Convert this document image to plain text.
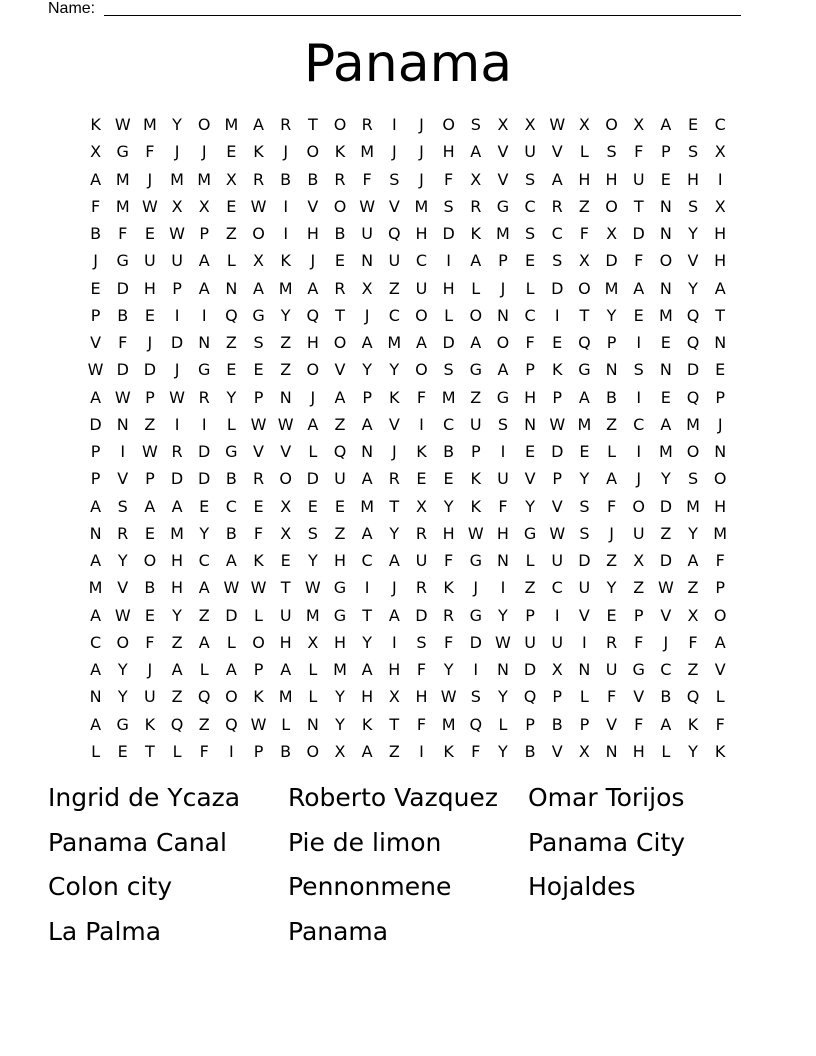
Name:
Panama
K W M Y O M A	R	T O R	I	J	O S	X	X W X O X	A	E	C
X G	F	J	J	E	K	J	O K M	J	J	H A	V U V	L	S	F	P	S	X
A M	J	M M X	R	B	B	R	F	S	J	F	X	V	S	A H H U	E	H	I
F M W X	X	E W	I	V O W V M S	R G C	R	Z O T	N	S	X
B	F	E W P	Z O	I	H B U Q H D K M S	C	F	X D N	Y	H
J	G U U A	L	X	K	J	E	N U C	I	A	P	E	S	X D	F	O V H
E D H	P	A N A M A	R	X	Z U H	L	J	L	D O M A N	Y	A
P	B	E	I	I	Q G	Y Q T	J	C O	L	O N C	I	T	Y	E M Q T
V	F	J	D N Z	S	Z H O A M A D A O	F	E Q	P	I	E Q N
W D D	J	G E	E	Z O V	Y	Y O S G A	P	K G N	S	N D E
A W P W R	Y	P	N	J	A	P	K	F M Z G H	P	A	B	I	E Q	P
D N Z	I	I	L W W A	Z	A	V	I	C U	S	N W M Z	C	A M	J
P	I	W R D G V	V	L	Q N	J	K	B	P	I	E D E	L	I	M O N
P	V	P	D D B	R O D U A	R	E	E	K	U V	P	Y	A	J	Y	S O
A	S	A	A	E	C	E	X	E	E M T	X	Y	K	F	Y	V	S	F	O D M H
N R	E M Y	B	F	X	S	Z	A	Y	R H W H G W S	J	U Z	Y M
A	Y O H C	A	K	E	Y	H C	A U	F	G N	L	U D Z	X D A	F
M V	B H A W W T W G	I	J	R	K	J	I	Z	C U	Y	Z W Z	P
A W E	Y	Z D	L	U M G	T	A D R G	Y	P	I	V	E	P	V	X O
C O	F	Z	A	L	O H X H	Y	I	S	F	D W U U	I	R	F	J	F	A
A	Y	J	A	L	A	P	A	L M A H	F	Y	I	N D X N U G C	Z	V
N	Y	U Z Q O K M L	Y	H X H W S	Y Q	P	L	F	V	B Q	L
A G K Q Z Q W L	N	Y	K	T	F M Q	L	P	B	P	V	F	A	K	F
L	E	T	L	F	I	P	B O X	A	Z	I	K	F	Y	B	V	X N H	L	Y	K
Ingrid de Ycaza	Roberto Vazquez	Omar Torijos
Panama Canal	Pie de limon	Panama City
Colon city	Pennonmene	Hojaldes
La Palma	Panama
